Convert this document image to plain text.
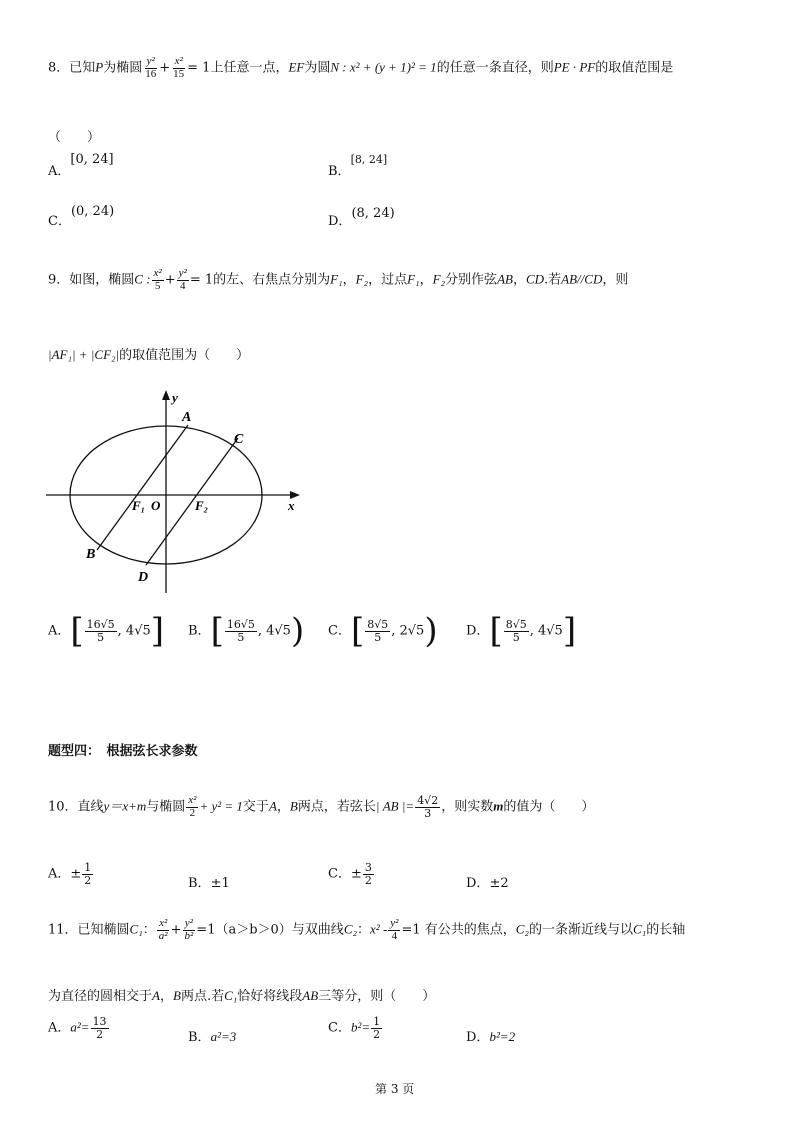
8．已知P为椭圆 $\frac{\text{y²}}{16} + \frac{\text{x²}}{15} = 1$上任意一点，EF为圆N : x² + (y + 1)² = 1的任意一条直径，则PE · PF的取值范围是
（　　）
A．[0, 24]
B．[8, 24]
C．(0, 24)
D．(8, 24)
9．如图，椭圆C : $\frac{\text{x²}}{5} + \frac{\text{y²}}{4} = 1$的左、右焦点分别为F₁，F₂，过点F₁，F₂分别作弦AB，CD.若AB//CD，则
|AF₁| + |CF₂|的取值范围为（　　）
y
A
C
F₁ O	F₂	x
B
D
A．[ $\frac{16√5}{5}$ , 4√5] B．[ $\frac{16√5}{5}$ , 4√5) C．[ $\frac{8√5}{5}$ , 2√5) D．[ $\frac{8√5}{5}$ , 4√5]
题型四：　根据弦长求参数
10．直线y＝x+m与椭圆 $\frac{\text{x²}}{2} + y^2 = 1$交于A，B两点，若弦长| AB |= $\frac{4√2}{3}$ ，则实数m的值为（　　）
A．± $\frac{1}{2}$	B．±1
C．± $\frac{3}{2}$	D．±2
11．已知椭圆C₁： $\frac{\text{x²}}{\text{a²}} + \frac{\text{y²}}{\text{b²}} =1(a>b>0)$与双曲线C₂：$x^2 - \frac{\text{y²}}{4} =1$ 有公共的焦点，C₂的一条渐近线与以C₁的长轴
为直径的圆相交于A，B两点.若C₁恰好将线段AB三等分，则（　　）
A．$a^2= \frac{13}{2}$	B．a²=3
C．$b^2= \frac{1}{2}$	D．b²=2
第 3 页
